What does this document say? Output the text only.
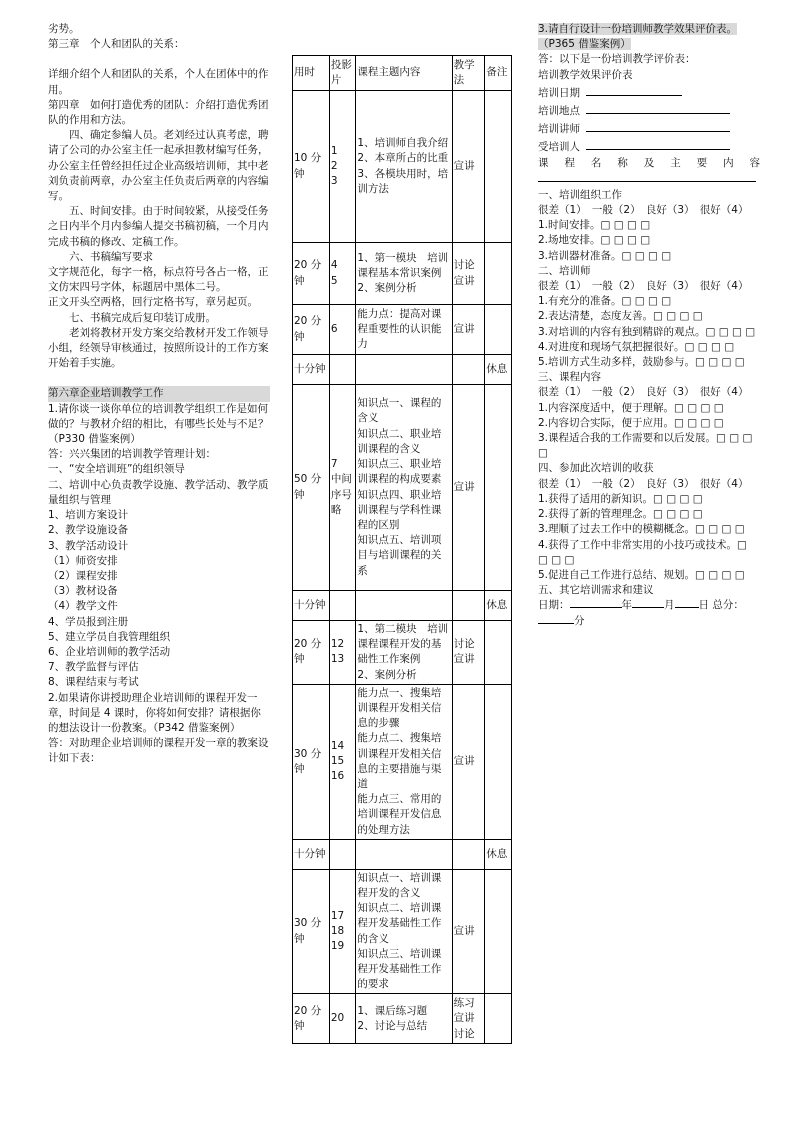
劣势。

第三章　个人和团队的关系：

详细介绍个人和团队的关系，个人在团体中的作用。

第四章　如何打造优秀的团队：介绍打造优秀团队的作用和方法。

四、确定参编人员。老刘经过认真考虑，聘请了公司的办公室主任一起承担教材编写任务，办公室主任曾经担任过企业高级培训师，其中老刘负责前两章，办公室主任负责后两章的内容编写。

五、时间安排。由于时间较紧，从接受任务之日内半个月内参编人提交书稿初稿，一个月内完成书稿的修改、定稿工作。

六、书稿编写要求

文字规范化，每字一格，标点符号各占一格，正文仿宋四号字体，标题居中黑体二号。

正文开头空两格，回行定格书写，章另起页。

七、书稿完成后复印装订成册。

老刘将教材开发方案交给教材开发工作领导小组，经领导审核通过，按照所设计的工作方案开始着手实施。

第六章企业培训教学工作

1.请你谈一谈你单位的培训教学组织工作是如何做的？与教材介绍的相比，有哪些长处与不足？（P330 借鉴案例）

答：兴兴集团的培训教学管理计划：

一、“安全培训班”的组织领导

二、培训中心负责教学设施、教学活动、教学质量组织与管理

1、培训方案设计

2、教学设施设备

3、教学活动设计

（1）师资安排

（2）课程安排

（3）教材设备

（4）教学文件

4、学员报到注册

5、建立学员自我管理组织

6、企业培训师的教学活动

7、教学监督与评估

8、课程结束与考试

2.如果请你讲授助理企业培训师的课程开发一章，时间是 4 课时，你将如何安排？请根据你的想法设计一份教案。（P342 借鉴案例）

答：对助理企业培训师的课程开发一章的教案设计如下表：

用时	投影片	课程主题内容	教学法	备注
10 分钟	1
2
3	1、培训师自我介绍
2、本章所占的比重
3、各模块用时，培训方法	宣讲	
20 分钟	4
5	1、第一模块　培训课程基本常识案例
2、案例分析	讨论宣讲	
20 分钟	6	能力点：提高对课程重要性的认识能力	宣讲	
十分钟				休息
50 分钟	7
中间序号略	知识点一、课程的含义
知识点二、职业培训课程的含义
知识点三、职业培训课程的构成要素
知识点四、职业培训课程与学科性课程的区别
知识点五、培训项目与培训课程的关系	宣讲	
十分钟				休息
20 分钟	12
13	1、第二模块　培训课程课程开发的基础性工作案例
2、案例分析	讨论宣讲	
30 分钟	14
15
16	能力点一、搜集培训课程开发相关信息的步骤
能力点二、搜集培训课程开发相关信息的主要措施与渠道
能力点三、常用的培训课程开发信息的处理方法	宣讲	
十分钟				休息
30 分钟	17
18
19	知识点一、培训课程开发的含义
知识点二、培训课程开发基础性工作的含义
知识点三、培训课程开发基础性工作的要求	宣讲	
20 分钟	20	1、课后练习题
2、讨论与总结	练习宣讲讨论	

3.请自行设计一份培训师教学效果评价表。（P365 借鉴案例）

答：以下是一份培训教学评价表：

培训教学效果评价表

培训日期

培训地点

培训讲师

受培训人

课 程 名 称 及 主 要 内 容

一、培训组织工作

很差（1）　一般（2）　良好（3）　很好（4）

1.时间安排。□ □ □ □

2.场地安排。□ □ □ □

3.培训器材准备。□ □ □ □

二、培训师

很差（1）　一般（2）　良好（3）　很好（4）

1.有充分的准备。□ □ □ □

2.表达清楚，态度友善。□ □ □ □

3.对培训的内容有独到精辟的观点。□ □ □ □

4.对进度和现场气氛把握很好。□ □ □ □

5.培训方式生动多样，鼓励参与。□ □ □ □

三、课程内容

很差（1）　一般（2）　良好（3）　很好（4）

1.内容深度适中，便于理解。□ □ □ □

2.内容切合实际，便于应用。□ □ □ □

3.课程适合我的工作需要和以后发展。□ □ □ □

四、参加此次培训的收获

很差（1）　一般（2）　良好（3）　很好（4）

1.获得了适用的新知识。□ □ □ □

2.获得了新的管理理念。□ □ □ □

3.理顺了过去工作中的模糊概念。□ □ □ □

4.获得了工作中非常实用的小技巧或技术。□ □ □ □

5.促进自己工作进行总结、规划。□ □ □ □

五、其它培训需求和建议

日期：	年	月 日 总分：

分
